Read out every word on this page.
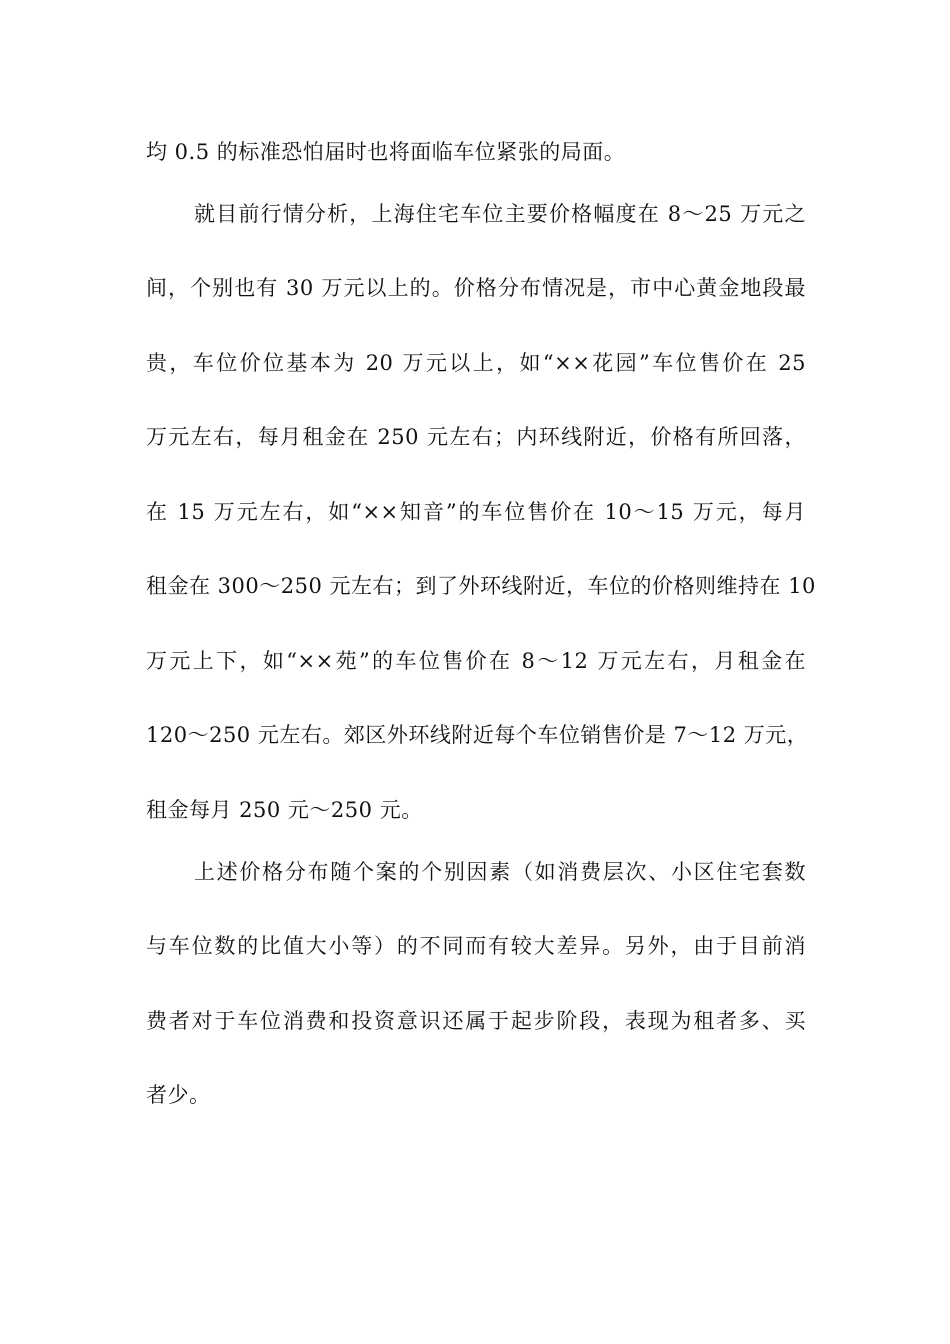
均 0.5 的标准恐怕届时也将面临车位紧张的局面。
就目前行情分析，上海住宅车位主要价格幅度在 8～25 万元之
间，个别也有 30 万元以上的。价格分布情况是，市中心黄金地段最
贵，车位价位基本为 20 万元以上，如“××花园”车位售价在 25
万元左右，每月租金在 250 元左右；内环线附近，价格有所回落，
在 15 万元左右，如“××知音”的车位售价在 10～15 万元，每月
租金在 300～250 元左右；到了外环线附近，车位的价格则维持在 10
万元上下，如“××苑”的车位售价在 8～12 万元左右，月租金在
120～250 元左右。郊区外环线附近每个车位销售价是 7～12 万元，
租金每月 250 元～250 元。
上述价格分布随个案的个别因素（如消费层次、小区住宅套数
与车位数的比值大小等）的不同而有较大差异。另外，由于目前消
费者对于车位消费和投资意识还属于起步阶段，表现为租者多、买
者少。
